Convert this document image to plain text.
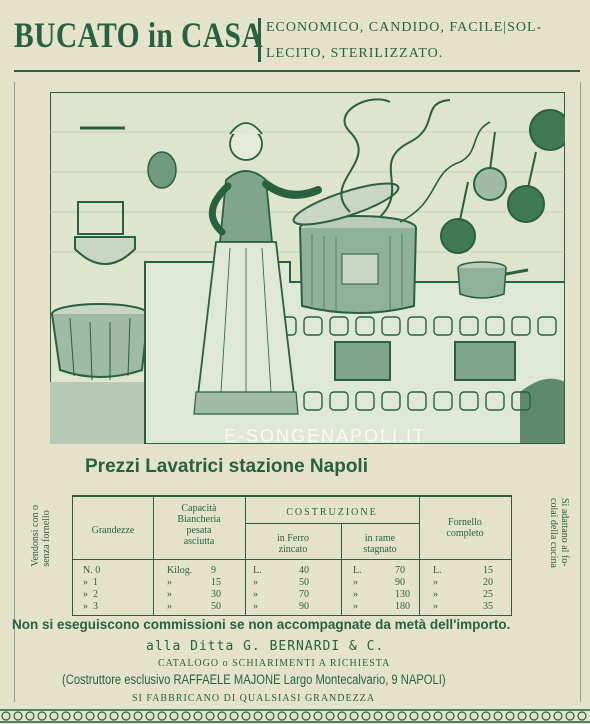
BUCATO in CASA ECONOMICO, CANDIDO, FACILE|SOL-
LECITO, STERILIZZATO.
E-SONGENAPOLI.IT
Prezzi Lavatrici stazione Napoli
Vendonsi con o
senza fornello
Si adattano al fo-
colai della cucina
Grandezze
Capacità
Biancheria
pesata
asciutta
COSTRUZIONE
in Ferro
zincato
in rame
stagnato
Fornello
completo
N. 0	Kilog. 9	L.	40	L.	70	L.	15
»  1	»	15	»	50	»	90	»	20
»  2	»	30	»	70	»	130 »	25
»  3	»	50	»	90	»	180 »	35
Non si eseguiscono commissioni se non accompagnate da metà dell'importo.
alla Ditta G. BERNARDI & C.
CATALOGO o SCHIARIMENTI A RICHIESTA
(Costruttore esclusivo RAFFAELE MAJONE Largo Montecalvario, 9 NAPOLI)
SI FABBRICANO DI QUALSIASI GRANDEZZA
